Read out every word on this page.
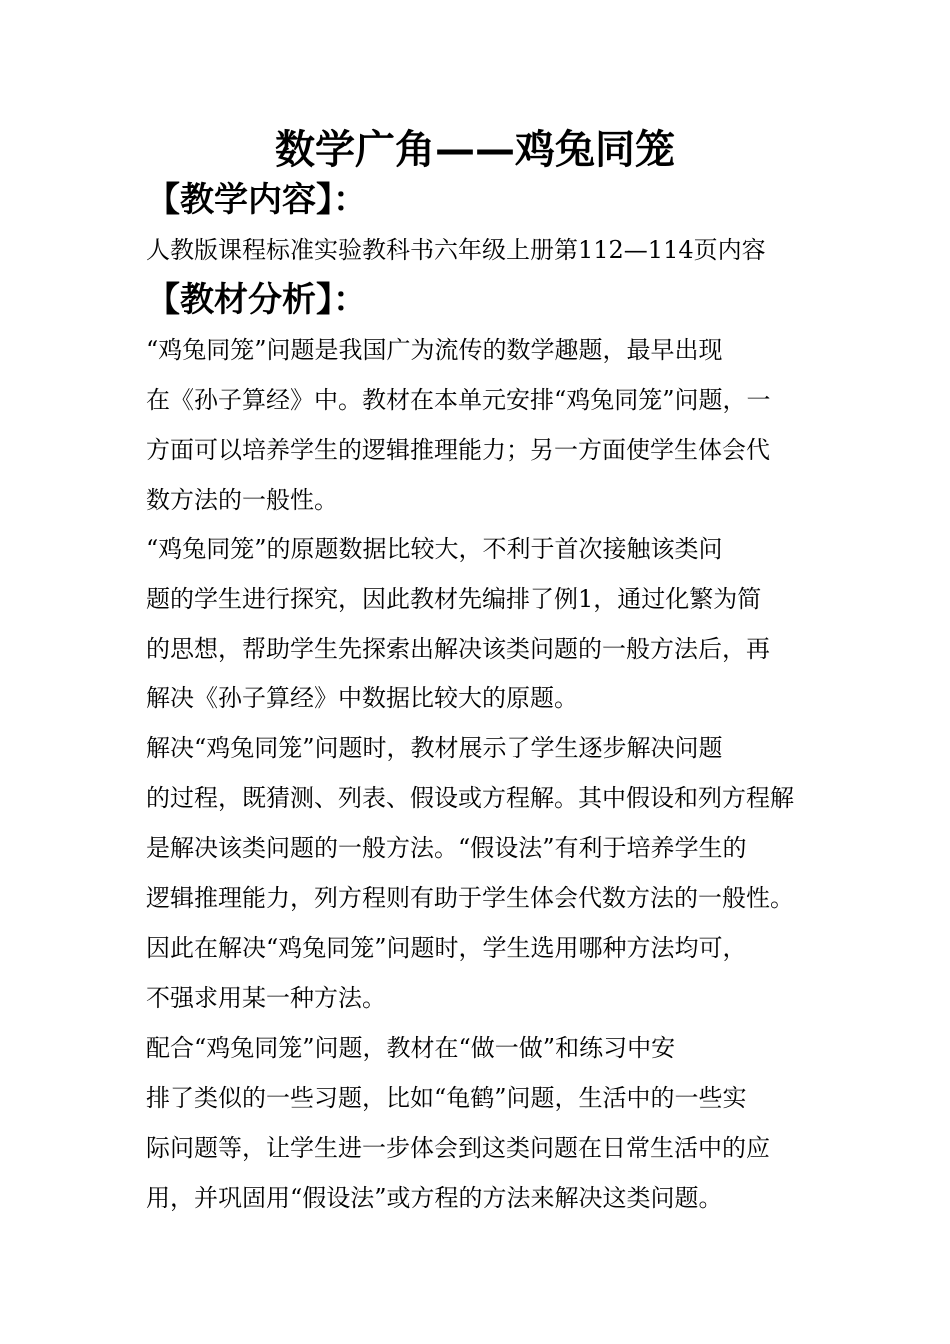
数学广角——鸡兔同笼
【教学内容】：
人教版课程标准实验教科书六年级上册第112—114页内容
【教材分析】：
“鸡兔同笼”问题是我国广为流传的数学趣题，最早出现
在《孙子算经》中。教材在本单元安排“鸡兔同笼”问题，一
方面可以培养学生的逻辑推理能力；另一方面使学生体会代
数方法的一般性。
“鸡兔同笼”的原题数据比较大，不利于首次接触该类问
题的学生进行探究，因此教材先编排了例1，通过化繁为简
的思想，帮助学生先探索出解决该类问题的一般方法后，再
解决《孙子算经》中数据比较大的原题。
解决“鸡兔同笼”问题时，教材展示了学生逐步解决问题
的过程，既猜测、列表、假设或方程解。其中假设和列方程解
是解决该类问题的一般方法。“假设法”有利于培养学生的
逻辑推理能力，列方程则有助于学生体会代数方法的一般性。
因此在解决“鸡兔同笼”问题时，学生选用哪种方法均可，
不强求用某一种方法。
配合“鸡兔同笼”问题，教材在“做一做”和练习中安
排了类似的一些习题，比如“龟鹤”问题，生活中的一些实
际问题等，让学生进一步体会到这类问题在日常生活中的应
用，并巩固用“假设法”或方程的方法来解决这类问题。
